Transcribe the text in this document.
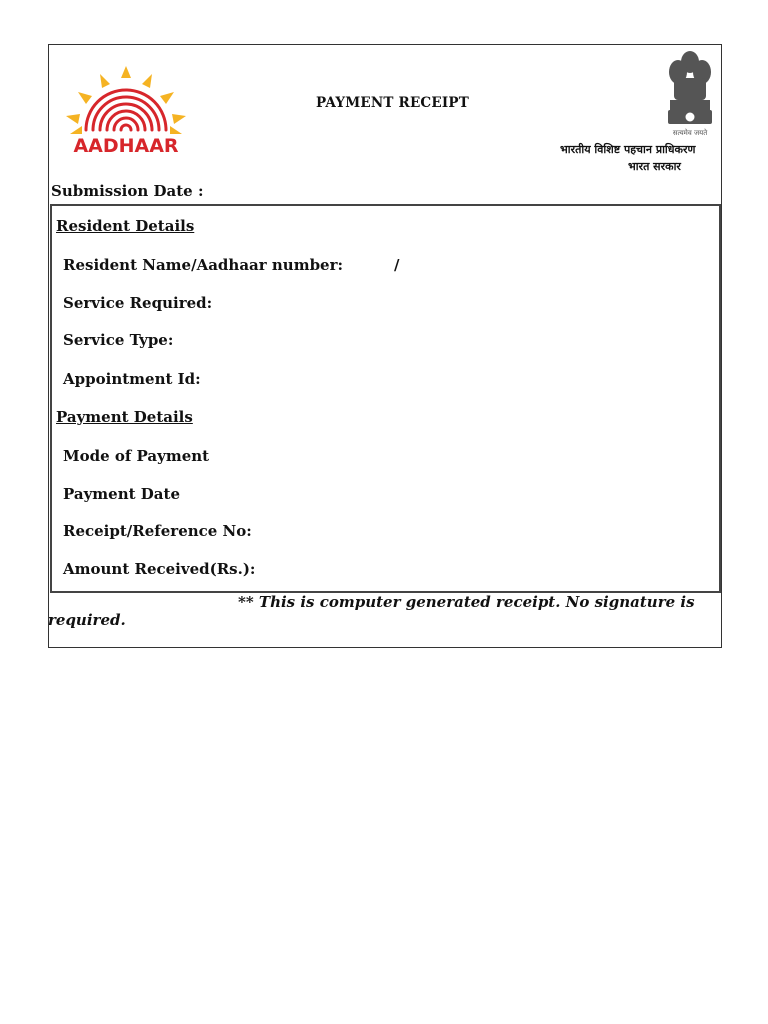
AADHAAR
PAYMENT RECEIPT
सत्यमेव जयते
भारतीय विशिष्ट पहचान प्राधिकरण
भारत सरकार
Submission Date :
Resident Details
Resident Name/Aadhaar number:	/
Service Required:
Service Type:
Appointment Id:
Payment Details
Mode of Payment
Payment Date
Receipt/Reference No:
Amount Received(Rs.):
** This is computer generated receipt. No signature is
required.
